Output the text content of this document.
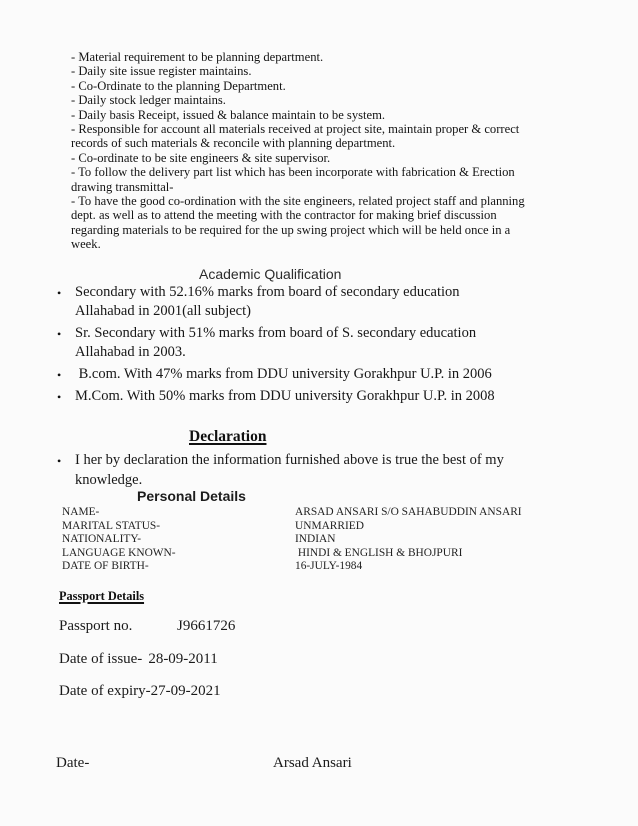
- Material requirement to be planning department.
- Daily site issue register maintains.
- Co-Ordinate to the planning Department.
- Daily stock ledger maintains.
- Daily basis Receipt, issued & balance maintain to be system.
- Responsible for account all materials received at project site, maintain proper & correct
records of such materials & reconcile with planning department.
- Co-ordinate to be site engineers & site supervisor.
- To follow the delivery part list which has been incorporate with fabrication & Erection
drawing transmittal-
- To have the good co-ordination with the site engineers, related project staff and planning
dept. as well as to attend the meeting with the contractor for making brief discussion
regarding materials to be required for the up swing project which will be held once in a
week.
Academic Qualification
• Secondary with 52.16% marks from board of secondary education
Allahabad in 2001(all subject)
• Sr. Secondary with 51% marks from board of S. secondary education
Allahabad in 2003.
• B.com. With 47% marks from DDU university Gorakhpur U.P. in 2006
• M.Com. With 50% marks from DDU university Gorakhpur U.P. in 2008
Declaration
• I her by declaration the information furnished above is true the best of my
knowledge.
Personal Details
NAME-	ARSAD ANSARI S/O SAHABUDDIN ANSARI
MARITAL STATUS-	UNMARRIED
NATIONALITY-	INDIAN
LANGUAGE KNOWN-	HINDI & ENGLISH & BHOJPURI
DATE OF BIRTH-	16-JULY-1984
Passport Details
Passport no.	J9661726
Date of issue- 28-09-2011
Date of expiry-27-09-2021
Date-	Arsad Ansari
